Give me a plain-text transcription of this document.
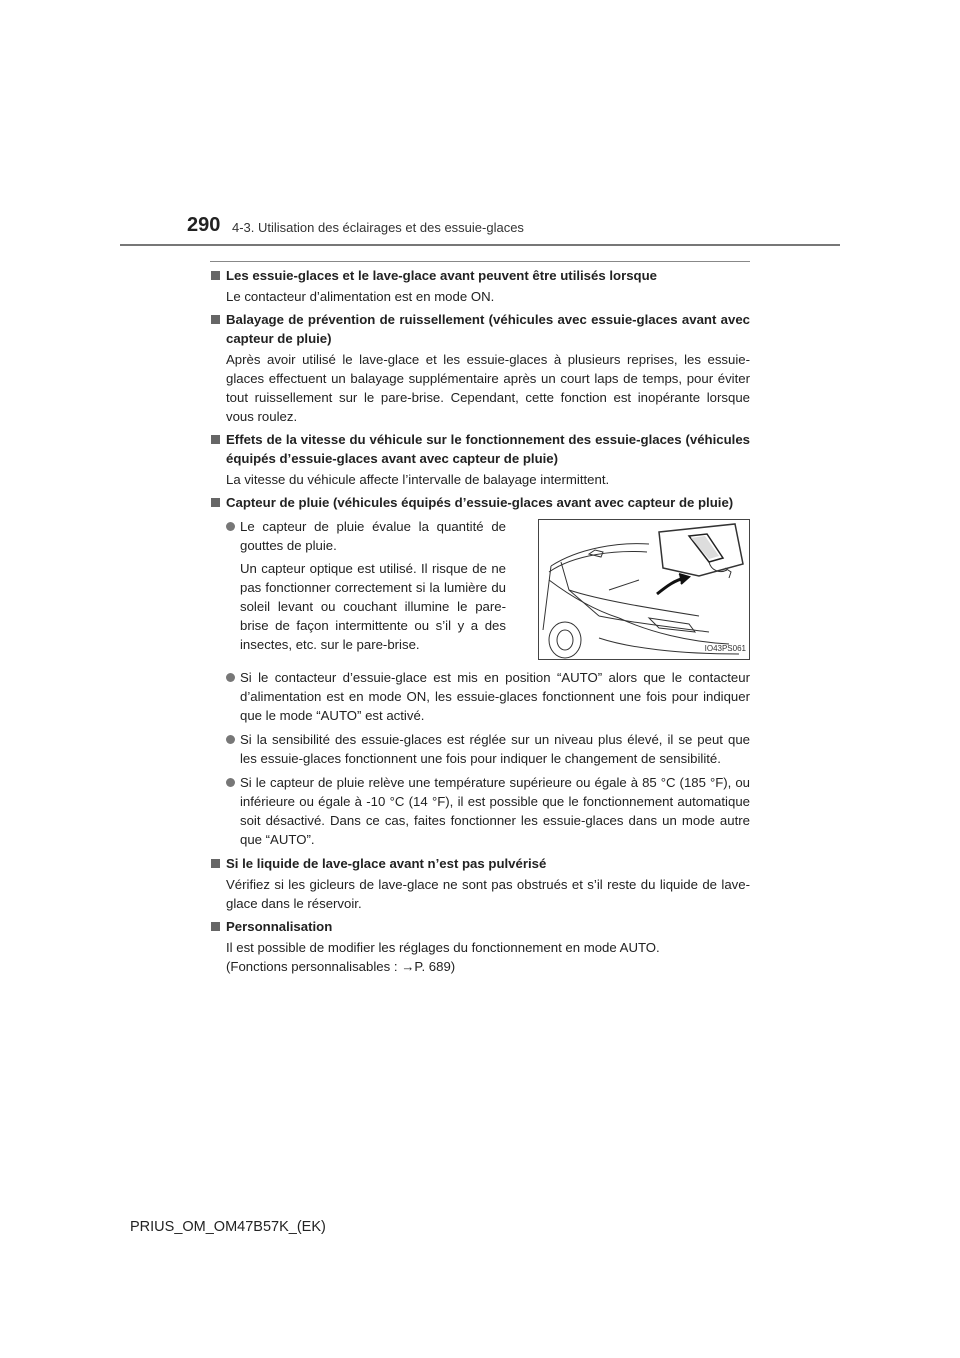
290 4-3. Utilisation des éclairages et des essuie-glaces
Les essuie-glaces et le lave-glace avant peuvent être utilisés lorsque
Le contacteur d’alimentation est en mode ON.
Balayage de prévention de ruissellement (véhicules avec essuie-glaces avant avec capteur de pluie)
Après avoir utilisé le lave-glace et les essuie-glaces à plusieurs reprises, les essuie-glaces effectuent un balayage supplémentaire après un court laps de temps, pour éviter tout ruissellement sur le pare-brise. Cependant, cette fonction est inopérante lorsque vous roulez.
Effets de la vitesse du véhicule sur le fonctionnement des essuie-glaces (véhicules équipés d’essuie-glaces avant avec capteur de pluie)
La vitesse du véhicule affecte l’intervalle de balayage intermittent.
Capteur de pluie (véhicules équipés d’essuie-glaces avant avec capteur de pluie)
Le capteur de pluie évalue la quantité de gouttes de pluie.
Un capteur optique est utilisé. Il risque de ne pas fonctionner correctement si la lumière du soleil levant ou couchant illumine le pare-brise de façon intermittente ou s’il y a des insectes, etc. sur le pare-brise.	IO43PS061
Si le contacteur d’essuie-glace est mis en position “AUTO” alors que le contacteur d’alimentation est en mode ON, les essuie-glaces fonctionnent une fois pour indiquer que le mode “AUTO” est activé.
Si la sensibilité des essuie-glaces est réglée sur un niveau plus élevé, il se peut que les essuie-glaces fonctionnent une fois pour indiquer le changement de sensibilité.
Si le capteur de pluie relève une température supérieure ou égale à 85 °C (185 °F), ou inférieure ou égale à -10 °C (14 °F), il est possible que le fonctionnement automatique soit désactivé. Dans ce cas, faites fonctionner les essuie-glaces dans un mode autre que “AUTO”.
Si le liquide de lave-glace avant n’est pas pulvérisé
Vérifiez si les gicleurs de lave-glace ne sont pas obstrués et s’il reste du liquide de lave-glace dans le réservoir.
Personnalisation
Il est possible de modifier les réglages du fonctionnement en mode AUTO.
(Fonctions personnalisables : →P. 689)
PRIUS_OM_OM47B57K_(EK)
